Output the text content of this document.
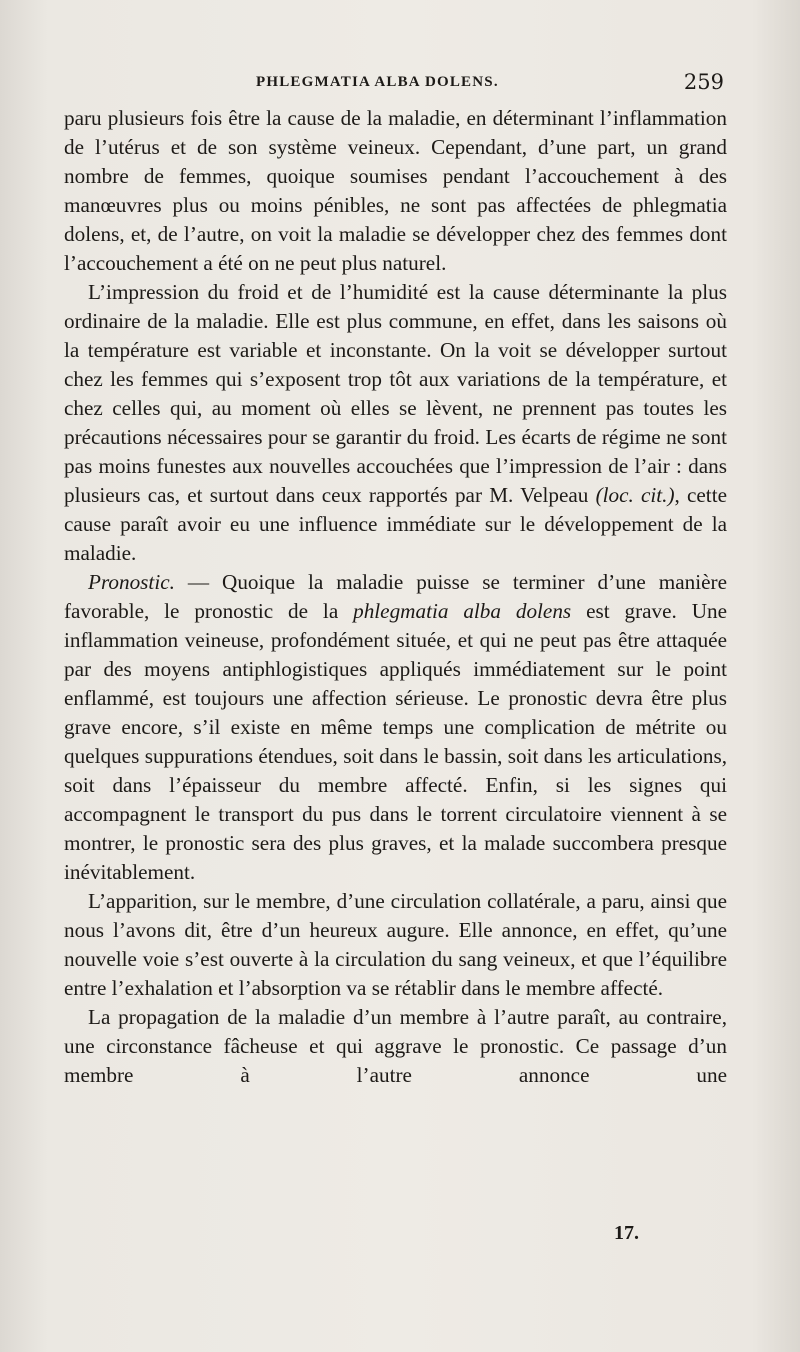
PHLEGMATIA ALBA DOLENS.	259

paru plusieurs fois être la cause de la maladie, en déterminant l’inflammation de l’utérus et de son système veineux. Cependant, d’une part, un grand nombre de femmes, quoique soumises pendant l’accouchement à des manœuvres plus ou moins pénibles, ne sont pas affectées de phlegmatia dolens, et, de l’autre, on voit la maladie se développer chez des femmes dont l’accouchement a été on ne peut plus naturel.

L’impression du froid et de l’humidité est la cause déterminante la plus ordinaire de la maladie. Elle est plus commune, en effet, dans les saisons où la température est variable et inconstante. On la voit se développer surtout chez les femmes qui s’exposent trop tôt aux variations de la température, et chez celles qui, au moment où elles se lèvent, ne prennent pas toutes les précautions nécessaires pour se garantir du froid. Les écarts de régime ne sont pas moins funestes aux nouvelles accouchées que l’impression de l’air : dans plusieurs cas, et surtout dans ceux rapportés par M. Velpeau (loc. cit.), cette cause paraît avoir eu une influence immédiate sur le développement de la maladie.

Pronostic. — Quoique la maladie puisse se terminer d’une manière favorable, le pronostic de la phlegmatia alba dolens est grave. Une inflammation veineuse, profondément située, et qui ne peut pas être attaquée par des moyens antiphlogistiques appliqués immédiatement sur le point enflammé, est toujours une affection sérieuse. Le pronostic devra être plus grave encore, s’il existe en même temps une complication de métrite ou quelques suppurations étendues, soit dans le bassin, soit dans les articulations, soit dans l’épaisseur du membre affecté. Enfin, si les signes qui accompagnent le transport du pus dans le torrent circulatoire viennent à se montrer, le pronostic sera des plus graves, et la malade succombera presque inévitablement.

L’apparition, sur le membre, d’une circulation collatérale, a paru, ainsi que nous l’avons dit, être d’un heureux augure. Elle annonce, en effet, qu’une nouvelle voie s’est ouverte à la circulation du sang veineux, et que l’équilibre entre l’exhalation et l’absorption va se rétablir dans le membre affecté.

La propagation de la maladie d’un membre à l’autre paraît, au contraire, une circonstance fâcheuse et qui aggrave le pronostic. Ce passage d’un membre à l’autre annonce une

17.
